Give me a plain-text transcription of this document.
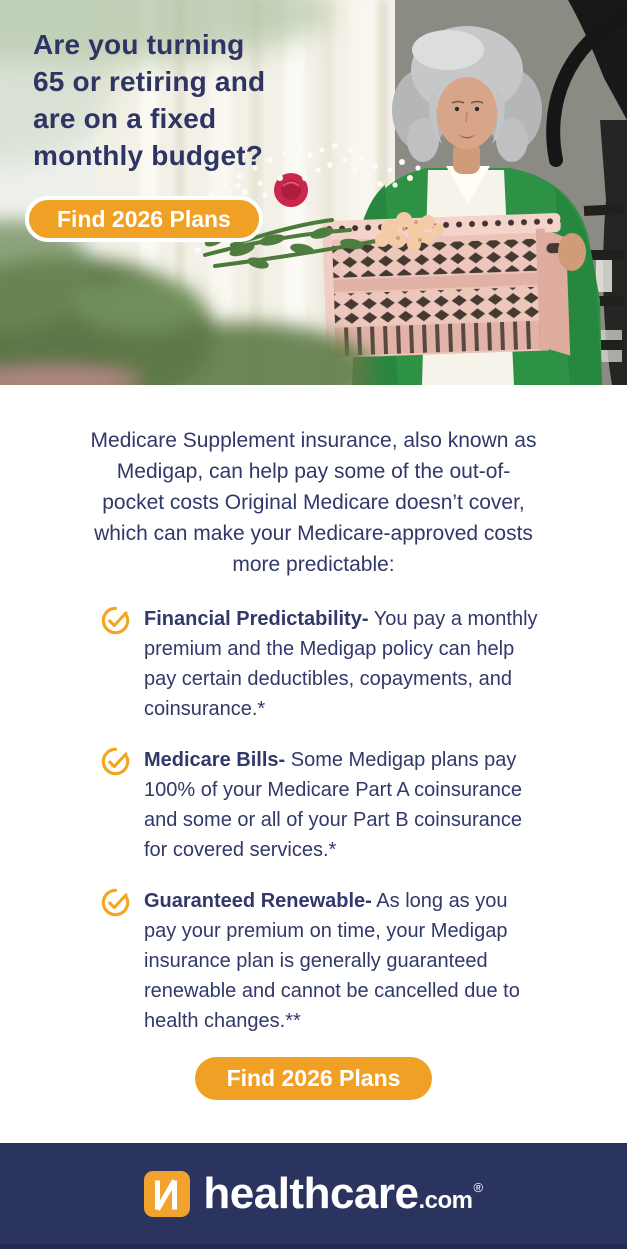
Are you turning
65 or retiring and
are on a fixed
monthly budget?
Find 2026 Plans

Medicare Supplement insurance, also known as Medigap, can help pay some of the out-of-pocket costs Original Medicare doesn’t cover, which can make your Medicare-approved costs more predictable:

Financial Predictability- You pay a monthly premium and the Medigap policy can help pay certain deductibles, copayments, and coinsurance.*

Medicare Bills- Some Medigap plans pay 100% of your Medicare Part A coinsurance and some or all of your Part B coinsurance for covered services.*

Guaranteed Renewable- As long as you pay your premium on time, your Medigap insurance plan is generally guaranteed renewable and cannot be cancelled due to health changes.**

Find 2026 Plans
healthcare .com ®
